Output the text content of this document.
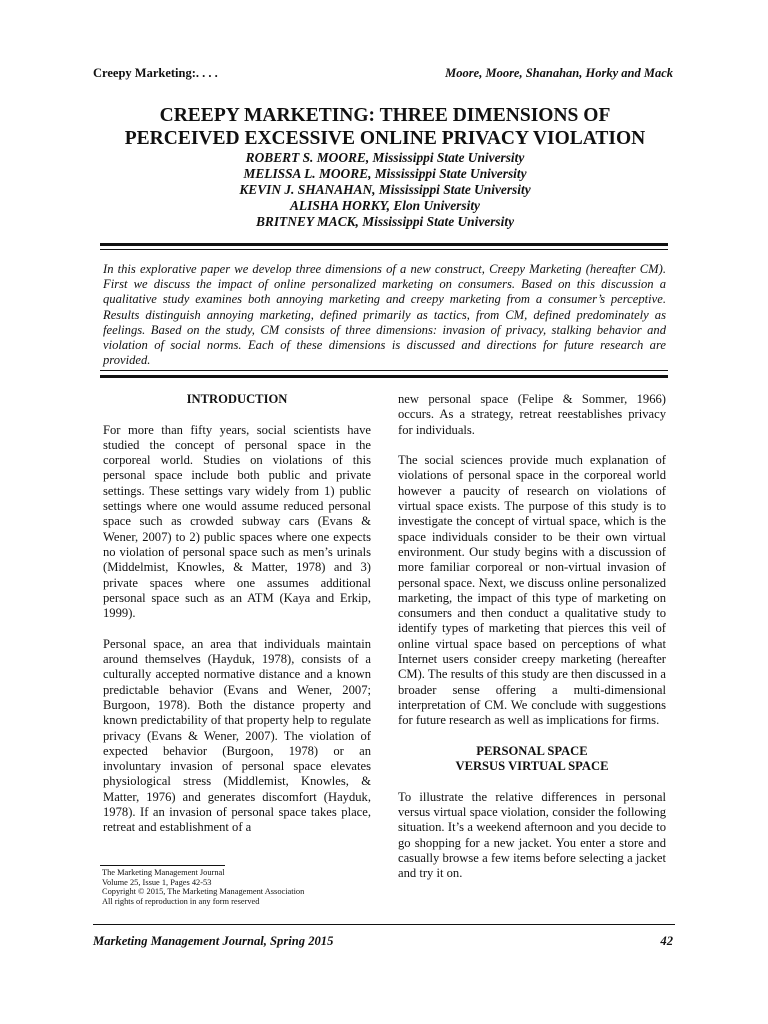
Creepy Marketing:. . . .	Moore, Moore, Shanahan, Horky and Mack
CREEPY MARKETING: THREE DIMENSIONS OF
PERCEIVED EXCESSIVE ONLINE PRIVACY VIOLATION
ROBERT S. MOORE, Mississippi State University
MELISSA L. MOORE, Mississippi State University
KEVIN J. SHANAHAN, Mississippi State University
ALISHA HORKY, Elon University
BRITNEY MACK, Mississippi State University
In this explorative paper we develop three dimensions of a new construct, Creepy Marketing (hereafter CM). First we discuss the impact of online personalized marketing on consumers. Based on this discussion a qualitative study examines both annoying marketing and creepy marketing from a consumer’s perceptive. Results distinguish annoying marketing, defined primarily as tactics, from CM, defined predominately as feelings. Based on the study, CM consists of three dimensions: invasion of privacy, stalking behavior and violation of social norms. Each of these dimensions is discussed and directions for future research are provided.
INTRODUCTION

For more than fifty years, social scientists have studied the concept of personal space in the corporeal world. Studies on violations of this personal space include both public and private settings. These settings vary widely from 1) public settings where one would assume reduced personal space such as crowded subway cars (Evans & Wener, 2007) to 2) public spaces where one expects no violation of personal space such as men’s urinals (Middelmist, Knowles, & Matter, 1978) and 3) private spaces where one assumes additional personal space such as an ATM (Kaya and Erkip, 1999).

Personal space, an area that individuals maintain around themselves (Hayduk, 1978), consists of a culturally accepted normative distance and a known predictable behavior (Evans and Wener, 2007; Burgoon, 1978). Both the distance property and known predictability of that property help to regulate privacy (Evans & Wener, 2007). The violation of expected behavior (Burgoon, 1978) or an involuntary invasion of personal space elevates physiological stress (Middlemist, Knowles, & Matter, 1976) and generates discomfort (Hayduk, 1978). If an invasion of personal space takes place, retreat and establishment of a

new personal space (Felipe & Sommer, 1966) occurs. As a strategy, retreat reestablishes privacy for individuals.

The social sciences provide much explanation of violations of personal space in the corporeal world however a paucity of research on violations of virtual space exists. The purpose of this study is to investigate the concept of virtual space, which is the space individuals consider to be their own virtual environment. Our study begins with a discussion of more familiar corporeal or non-virtual invasion of personal space. Next, we discuss online personalized marketing, the impact of this type of marketing on consumers and then conduct a qualitative study to identify types of marketing that pierces this veil of online virtual space based on perceptions of what Internet users consider creepy marketing (hereafter CM). The results of this study are then discussed in a broader sense offering a multi-dimensional interpretation of CM. We conclude with suggestions for future research as well as implications for firms.

PERSONAL SPACE
VERSUS VIRTUAL SPACE

To illustrate the relative differences in personal versus virtual space violation, consider the following situation. It’s a weekend afternoon and you decide to go shopping for a new jacket. You enter a store and casually browse a few items before selecting a jacket and try it on.

The Marketing Management Journal
Volume 25, Issue 1, Pages 42-53
Copyright © 2015, The Marketing Management Association
All rights of reproduction in any form reserved
Marketing Management Journal, Spring 2015	42
